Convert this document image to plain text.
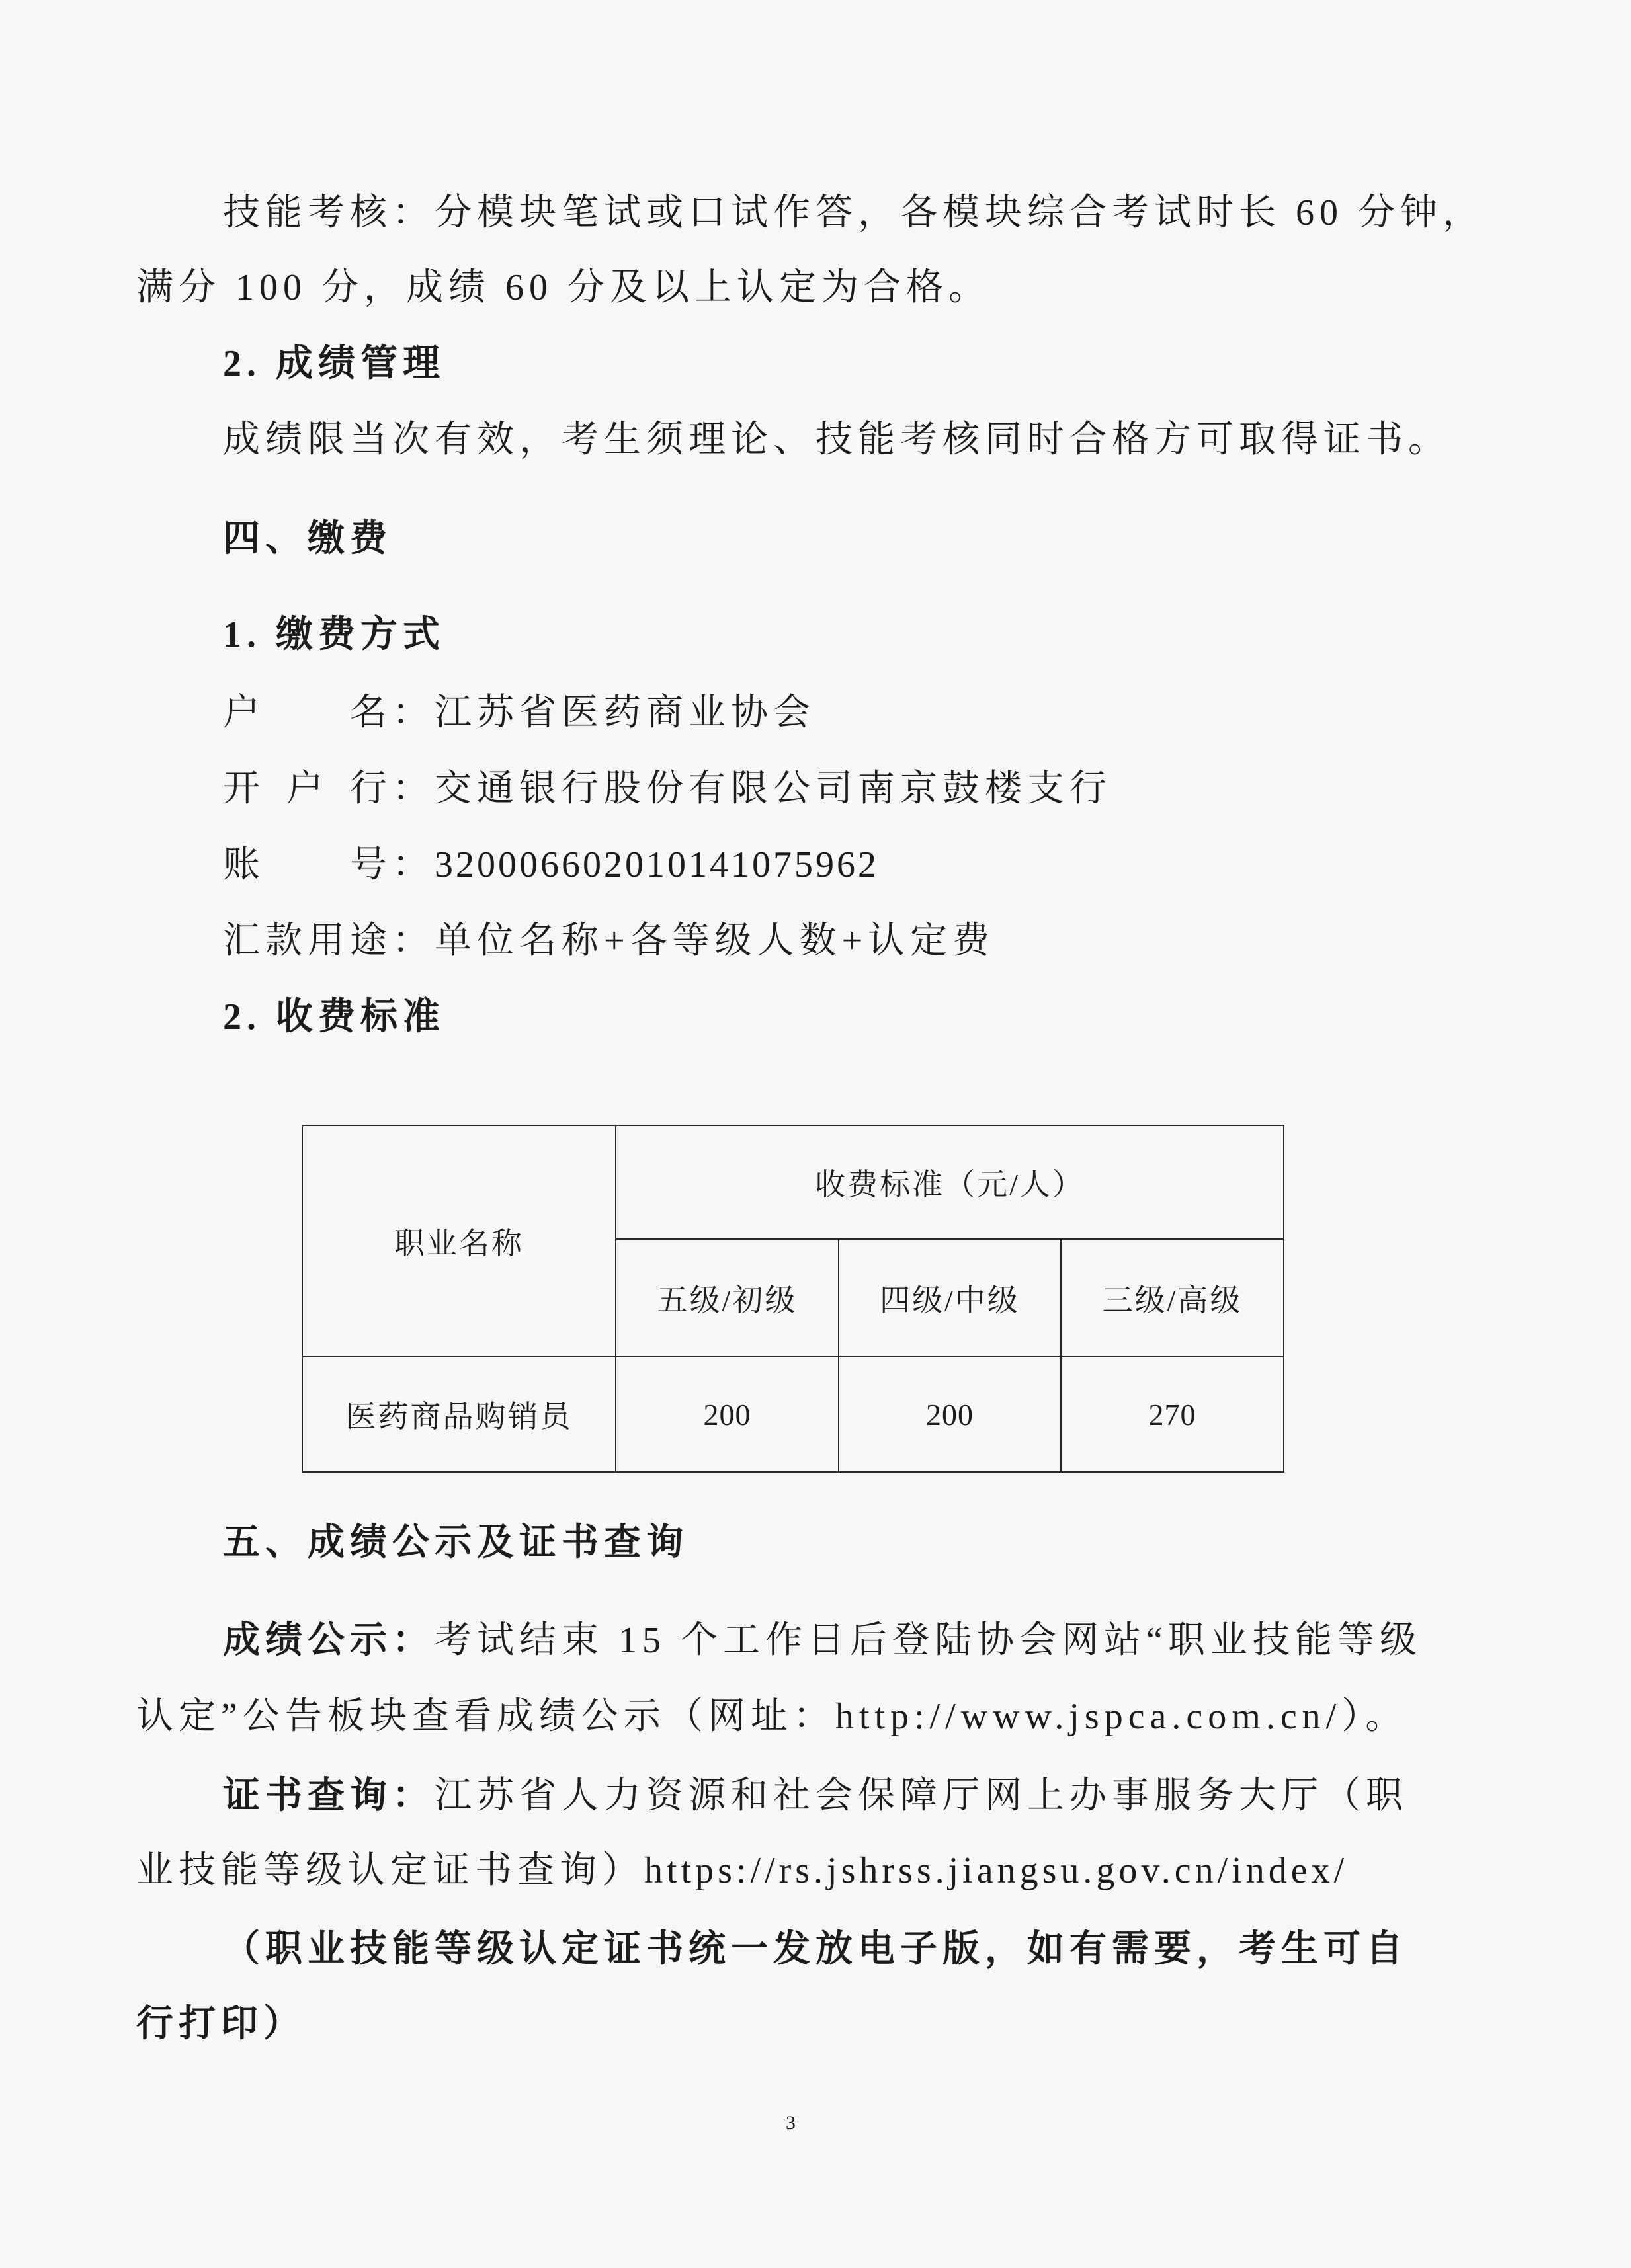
技能考核：分模块笔试或口试作答，各模块综合考试时长 60 分钟，
满分 100 分，成绩 60 分及以上认定为合格。
2. 成绩管理
成绩限当次有效，考生须理论、技能考核同时合格方可取得证书。
四、缴费
1. 缴费方式
户 名 ：江苏省医药商业协会
开 户 行 ：交通银行股份有限公司南京鼓楼支行
账 号 ：320006602010141075962
汇 款 用 途 ：单位名称+各等级人数+认定费
2. 收费标准
职业名称	收费标准（元/人）		
	五级/初级	四级/中级	三级/高级
医药商品购销员	200	200	270
五、成绩公示及证书查询
成绩公示：考试结束 15 个工作日后登陆协会网站“职业技能等级
认定”公告板块查看成绩公示（网址：http://www.jspca.com.cn/）。
证书查询：江苏省人力资源和社会保障厅网上办事服务大厅（职
业技能等级认定证书查询）https://rs.jshrss.jiangsu.gov.cn/index/
（职业技能等级认定证书统一发放电子版，如有需要，考生可自
行打印）
3
